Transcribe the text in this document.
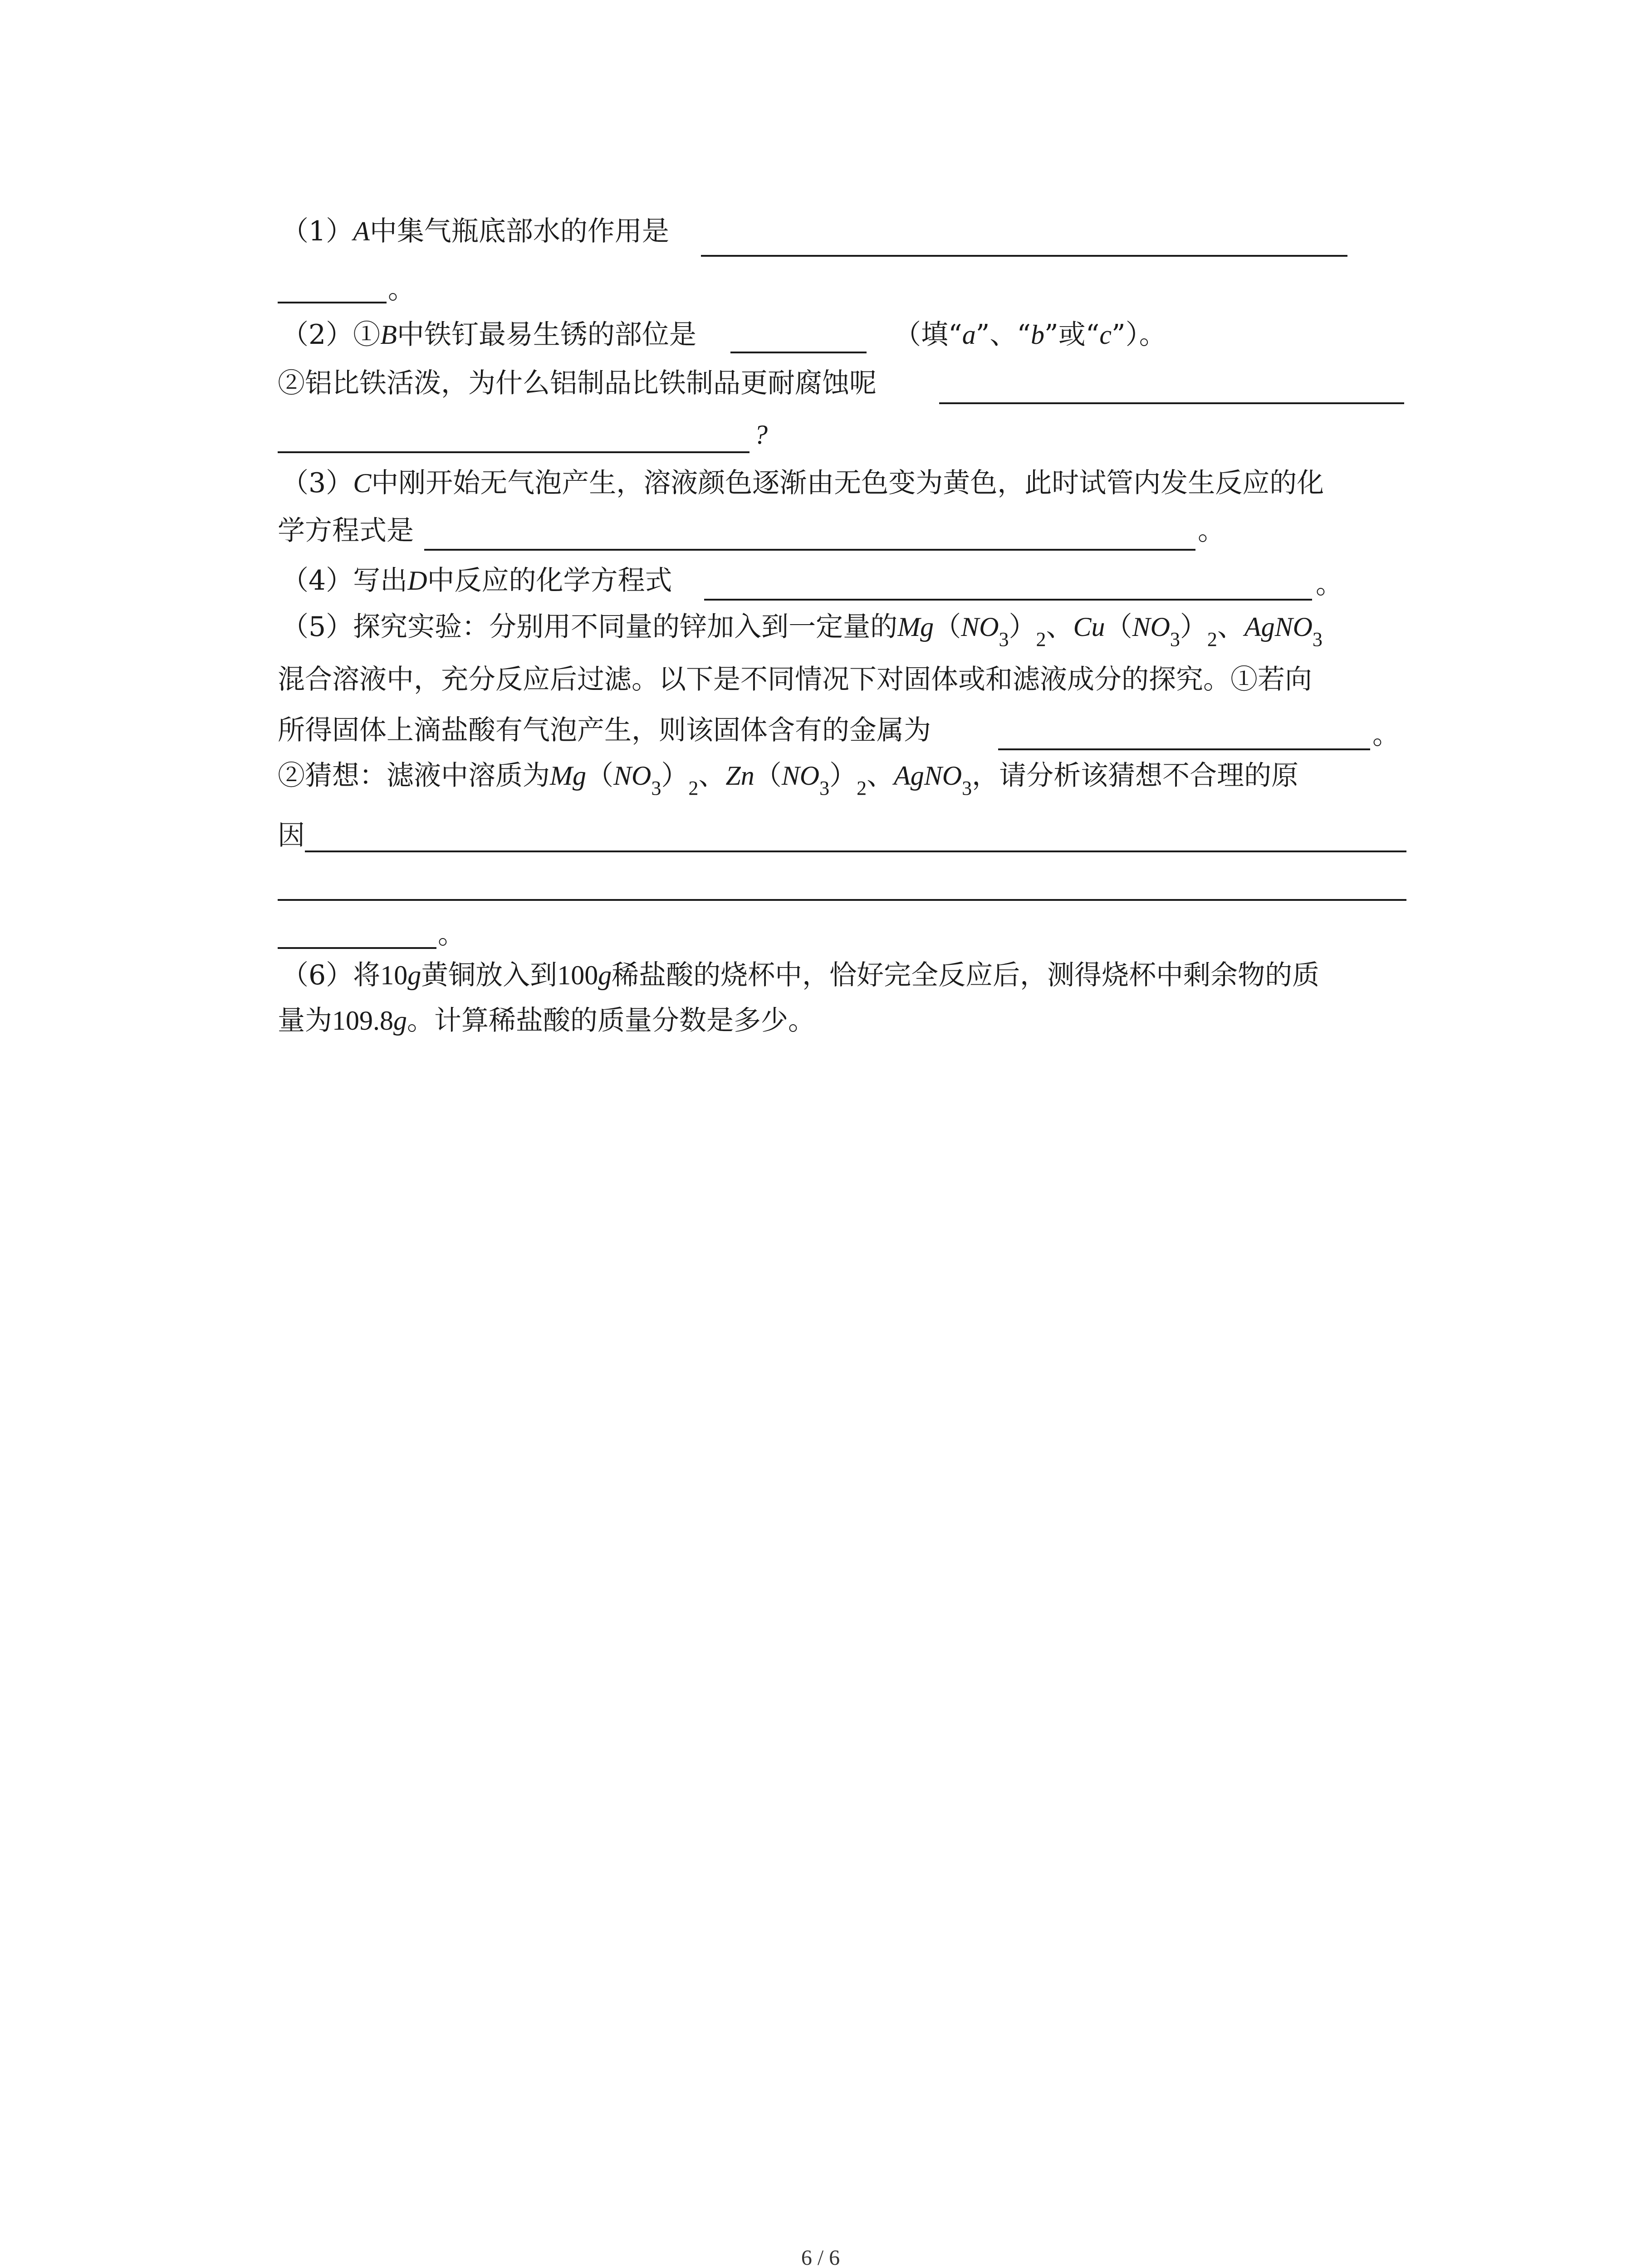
（1）A中集气瓶底部水的作用是
。
（2）①B中铁钉最易生锈的部位是	（填“a”、“b”或“c”）。
②铝比铁活泼，为什么铝制品比铁制品更耐腐蚀呢
?
（3）C中刚开始无气泡产生，溶液颜色逐渐由无色变为黄色，此时试管内发生反应的化
学方程式是	。
（4）写出D中反应的化学方程式	。
（5）探究实验：分别用不同量的锌加入到一定量的$Mg(NO_3)_2$、$Cu(NO_3)_2$、AgNO$_3$
混合溶液中，充分反应后过滤。以下是不同情况下对固体或和滤液成分的探究。①若向
所得固体上滴盐酸有气泡产生，则该固体含有的金属为	。
②猜想：滤液中溶质为$Mg(NO_3)_2$、$Zn(NO_3)_2$、AgNO$_3$，请分析该猜想不合理的原
因
。
（6）将10g黄铜放入到100g稀盐酸的烧杯中，恰好完全反应后，测得烧杯中剩余物的质
量为109.8g。计算稀盐酸的质量分数是多少。
6 / 6
